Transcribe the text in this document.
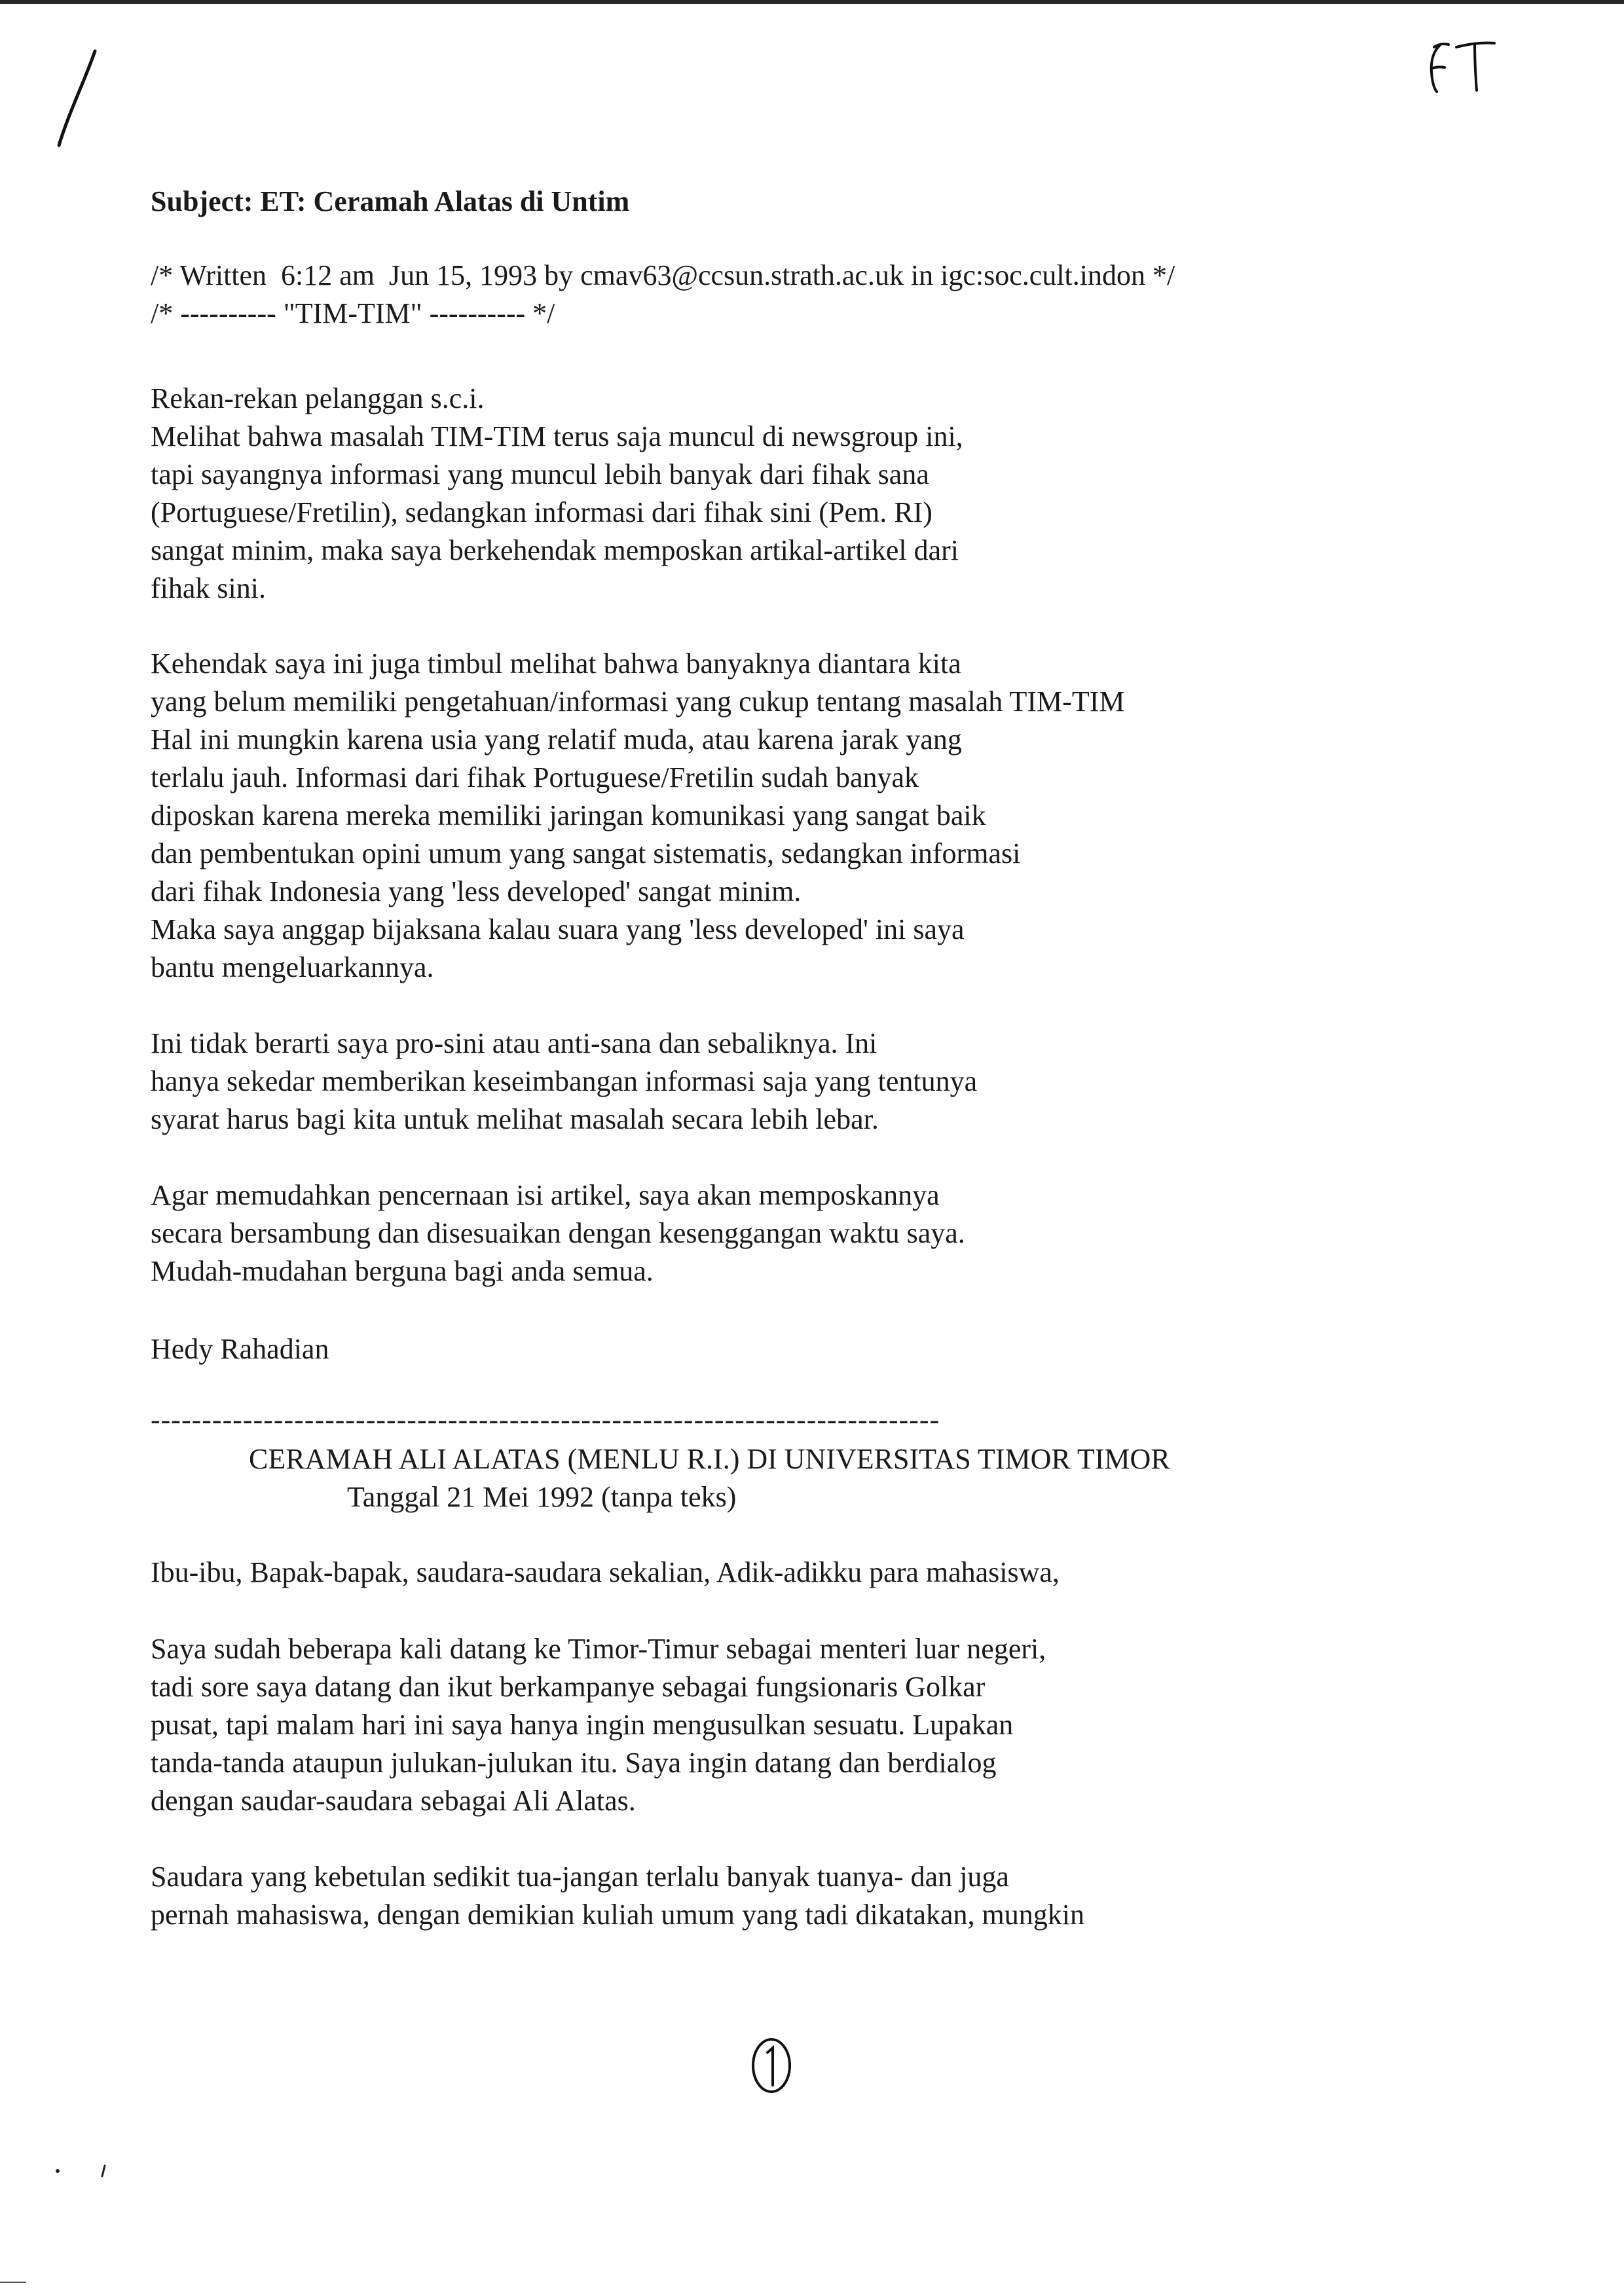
Subject: ET: Ceramah Alatas di Untim
/* Written  6:12 am  Jun 15, 1993 by cmav63@ccsun.strath.ac.uk in igc:soc.cult.indon */
/* ---------- "TIM-TIM" ---------- */
Rekan-rekan pelanggan s.c.i.
Melihat bahwa masalah TIM-TIM terus saja muncul di newsgroup ini,
tapi sayangnya informasi yang muncul lebih banyak dari fihak sana
(Portuguese/Fretilin), sedangkan informasi dari fihak sini (Pem. RI)
sangat minim, maka saya berkehendak memposkan artikal-artikel dari
fihak sini.
Kehendak saya ini juga timbul melihat bahwa banyaknya diantara kita
yang belum memiliki pengetahuan/informasi yang cukup tentang masalah TIM-TIM
Hal ini mungkin karena usia yang relatif muda, atau karena jarak yang
terlalu jauh. Informasi dari fihak Portuguese/Fretilin sudah banyak
diposkan karena mereka memiliki jaringan komunikasi yang sangat baik
dan pembentukan opini umum yang sangat sistematis, sedangkan informasi
dari fihak Indonesia yang 'less developed' sangat minim.
Maka saya anggap bijaksana kalau suara yang 'less developed' ini saya
bantu mengeluarkannya.
Ini tidak berarti saya pro-sini atau anti-sana dan sebaliknya. Ini
hanya sekedar memberikan keseimbangan informasi saja yang tentunya
syarat harus bagi kita untuk melihat masalah secara lebih lebar.
Agar memudahkan pencernaan isi artikel, saya akan memposkannya
secara bersambung dan disesuaikan dengan kesenggangan waktu saya.
Mudah-mudahan berguna bagi anda semua.
Hedy Rahadian
-----------------------------------------------------------------------------
CERAMAH ALI ALATAS (MENLU R.I.) DI UNIVERSITAS TIMOR TIMOR
Tanggal 21 Mei 1992 (tanpa teks)
Ibu-ibu, Bapak-bapak, saudara-saudara sekalian, Adik-adikku para mahasiswa,
Saya sudah beberapa kali datang ke Timor-Timur sebagai menteri luar negeri,
tadi sore saya datang dan ikut berkampanye sebagai fungsionaris Golkar
pusat, tapi malam hari ini saya hanya ingin mengusulkan sesuatu. Lupakan
tanda-tanda ataupun julukan-julukan itu. Saya ingin datang dan berdialog
dengan saudar-saudara sebagai Ali Alatas.
Saudara yang kebetulan sedikit tua-jangan terlalu banyak tuanya- dan juga
pernah mahasiswa, dengan demikian kuliah umum yang tadi dikatakan, mungkin
